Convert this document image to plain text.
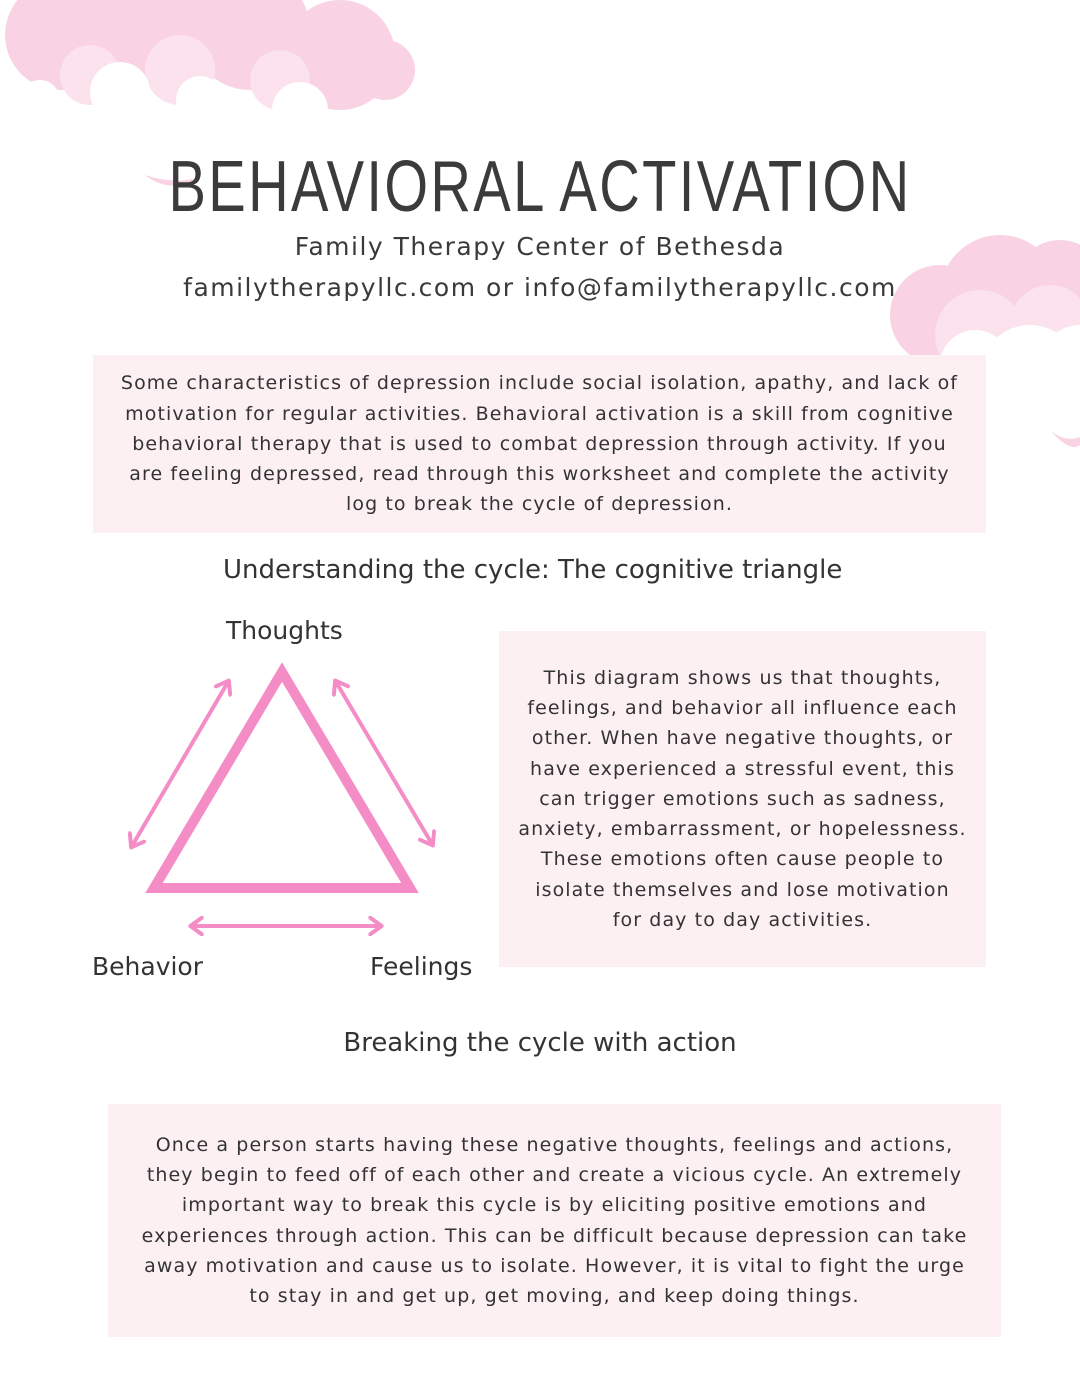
BEHAVIORAL ACTIVATION
Family Therapy Center of Bethesda
familytherapyllc.com or info@familytherapyllc.com

Some characteristics of depression include social isolation, apathy, and lack of motivation for regular activities. Behavioral activation is a skill from cognitive behavioral therapy that is used to combat depression through activity. If you are feeling depressed, read through this worksheet and complete the activity log to break the cycle of depression.

Understanding the cycle: The cognitive triangle
Thoughts
Behavior	Feelings

This diagram shows us that thoughts, feelings, and behavior all influence each other. When have negative thoughts, or have experienced a stressful event, this can trigger emotions such as sadness, anxiety, embarrassment, or hopelessness. These emotions often cause people to isolate themselves and lose motivation for day to day activities.

Breaking the cycle with action

Once a person starts having these negative thoughts, feelings and actions, they begin to feed off of each other and create a vicious cycle. An extremely important way to break this cycle is by eliciting positive emotions and experiences through action. This can be difficult because depression can take away motivation and cause us to isolate. However, it is vital to fight the urge to stay in and get up, get moving, and keep doing things.
